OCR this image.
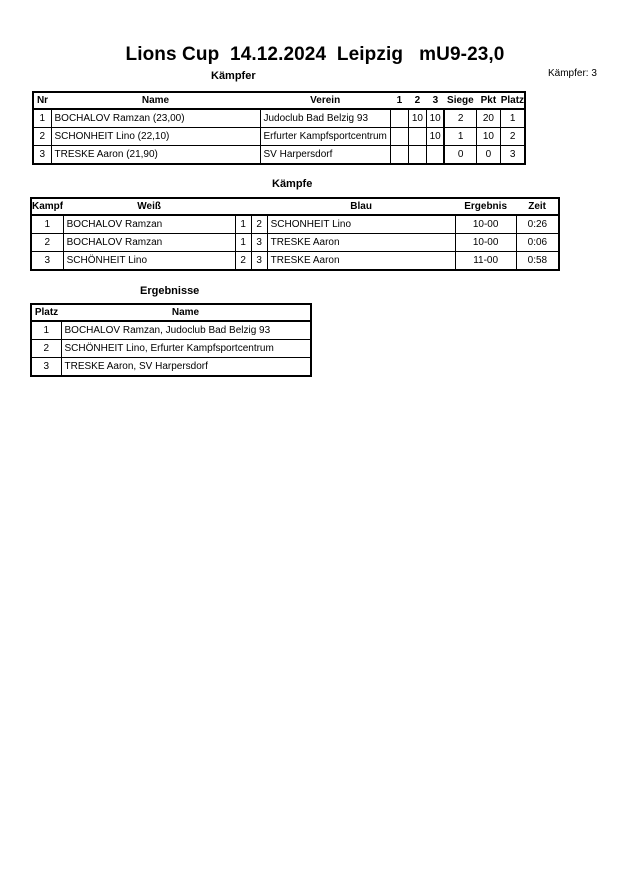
Lions Cup  14.12.2024  Leipzig   mU9-23,0
Kämpfer	Kämpfer: 3
Nr	Name	Verein	1	2	3	Siege	Pkt	Platz
1	BOCHALOV Ramzan (23,00)	Judoclub Bad Belzig 93		10	10	2	20	1
2	SCHONHEIT Lino (22,10)	Erfurter Kampfsportcentrum			10	1	10	2
3	TRESKE Aaron (21,90)	SV Harpersdorf				0	0	3
Kämpfe
Kampf	Weiß			Blau	Ergebnis	Zeit
1	BOCHALOV Ramzan	1	2	SCHONHEIT Lino	10-00	0:26
2	BOCHALOV Ramzan	1	3	TRESKE Aaron	10-00	0:06
3	SCHÖNHEIT Lino	2	3	TRESKE Aaron	11-00	0:58
Ergebnisse
Platz	Name
1	BOCHALOV Ramzan, Judoclub Bad Belzig 93
2	SCHÖNHEIT Lino, Erfurter Kampfsportcentrum
3	TRESKE Aaron, SV Harpersdorf
